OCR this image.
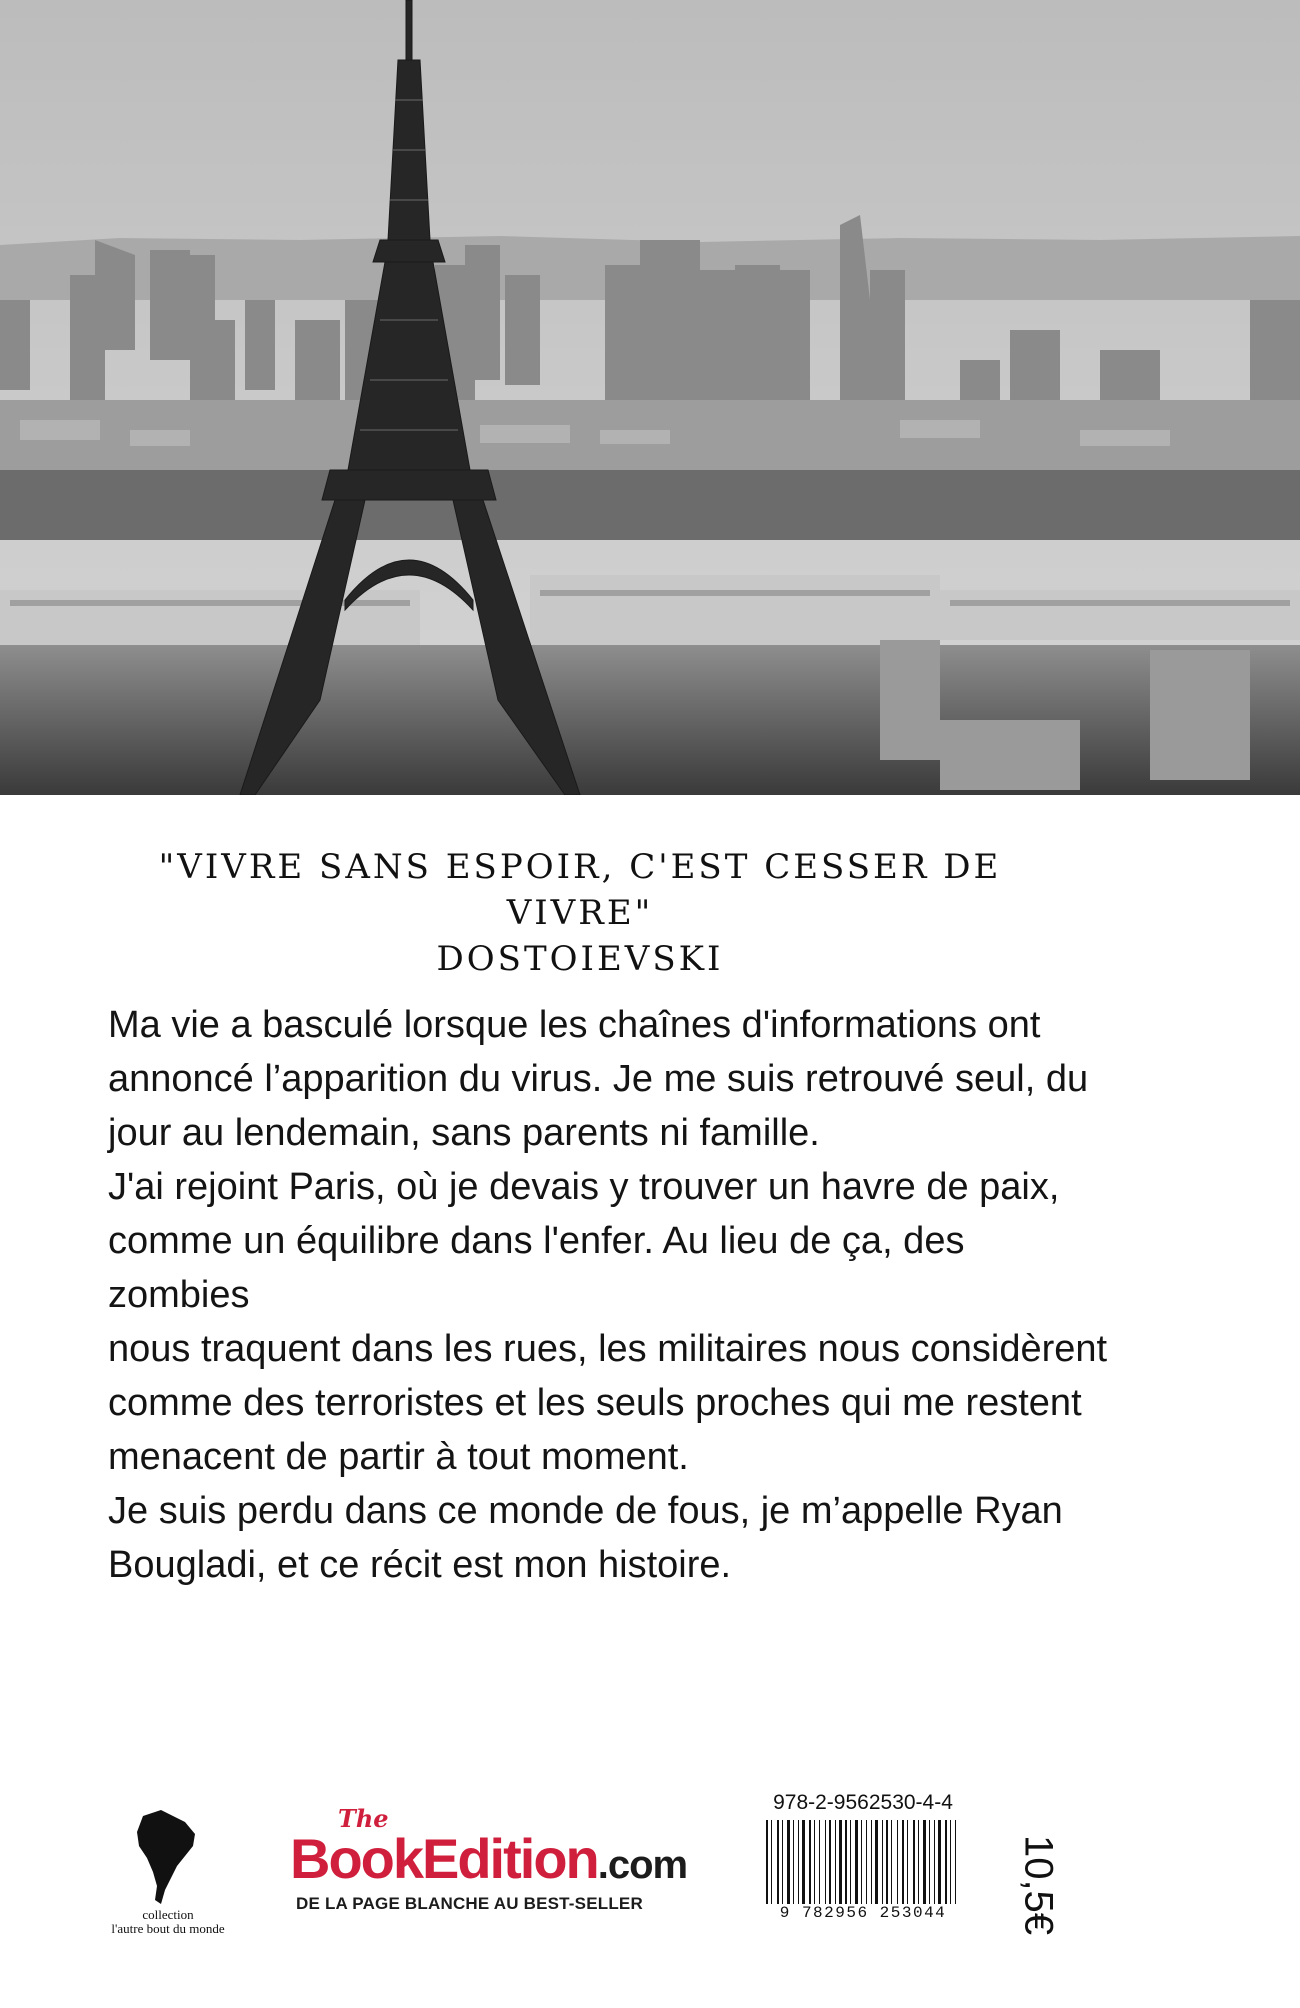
"VIVRE SANS ESPOIR, C'EST CESSER DE VIVRE"
DOSTOIEVSKI

Ma vie a basculé lorsque les chaînes d'informations ont annoncé l’apparition du virus. Je me suis retrouvé seul, du jour au lendemain, sans parents ni famille.

J'ai rejoint Paris, où je devais y trouver un havre de paix,

comme un équilibre dans l'enfer. Au lieu de ça, des zombies

nous traquent dans les rues, les militaires nous considèrent comme des terroristes et les seuls proches qui me restent menacent de partir à tout moment.

Je suis perdu dans ce monde de fous, je m’appelle Ryan Bougladi, et ce récit est mon histoire.

collection
l'autre bout du monde
The
BookEdition.com
DE LA PAGE BLANCHE AU BEST-SELLER
978-2-9562530-4-4
9 782956 253044	10,5€
